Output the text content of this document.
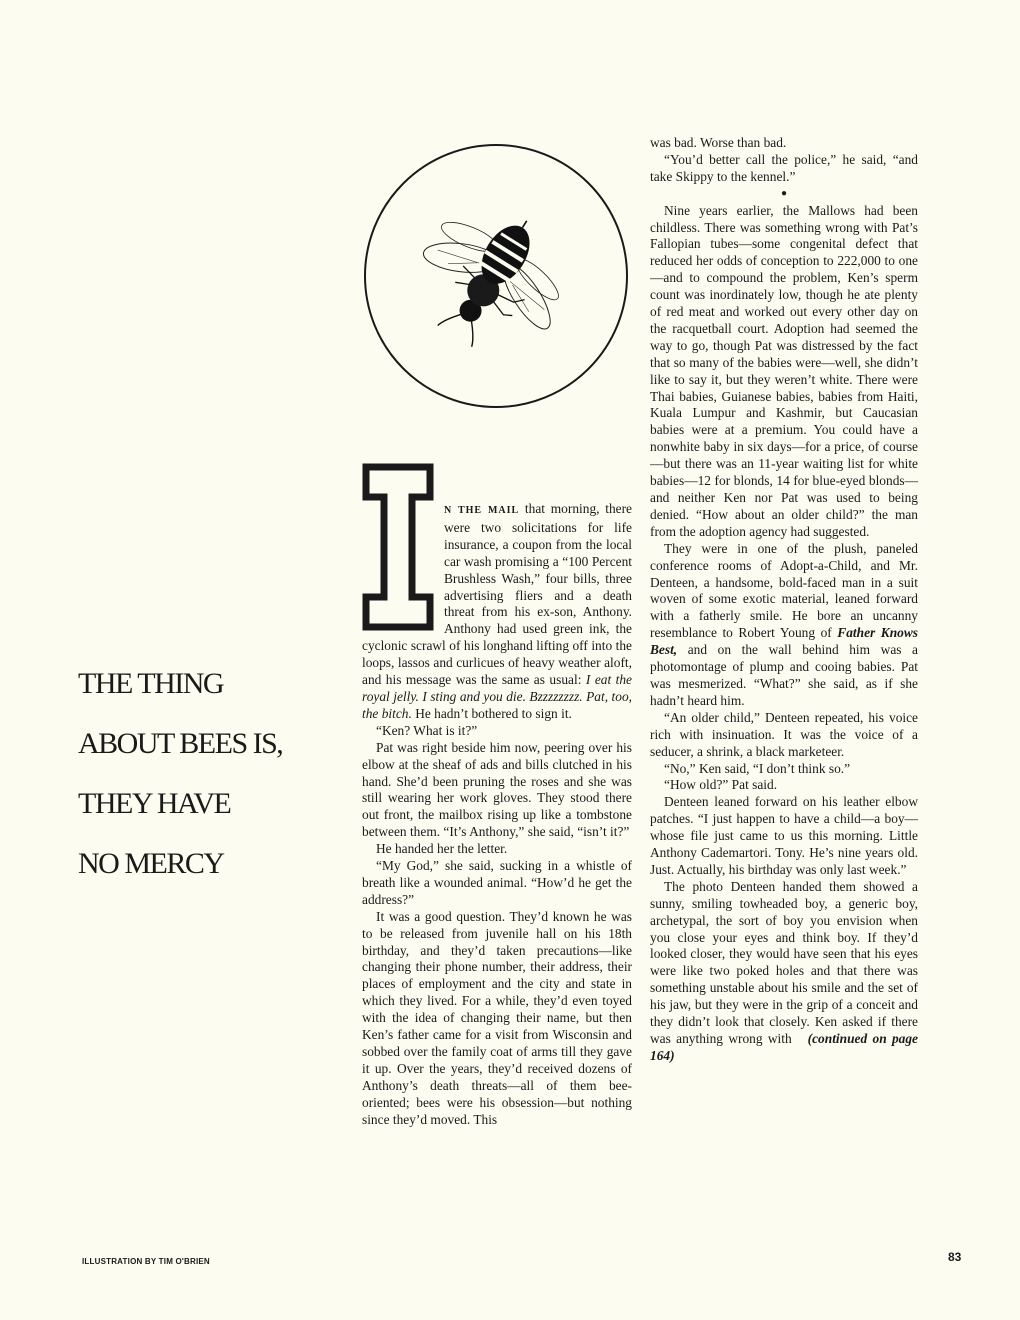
THE THING
ABOUT BEES IS,
THEY HAVE
NO MERCY

N THE MAIL that morning, there were two solicitations for life insurance, a coupon from the local car wash promising a “100 Percent Brushless Wash,” four bills, three advertising fliers and a death threat from his ex-son, Anthony. Anthony had used green ink, the cyclonic scrawl of his longhand lifting off into the loops, lassos and curlicues of heavy weather aloft, and his message was the same as usual: I eat the royal jelly. I sting and you die. Bzzzzzzzz. Pat, too, the bitch. He hadn’t bothered to sign it.

“Ken? What is it?”

Pat was right beside him now, peering over his elbow at the sheaf of ads and bills clutched in his hand. She’d been pruning the roses and she was still wearing her work gloves. They stood there out front, the mailbox rising up like a tombstone between them. “It’s Anthony,” she said, “isn’t it?”

He handed her the letter.

“My God,” she said, sucking in a whistle of breath like a wounded animal. “How’d he get the address?”

It was a good question. They’d known he was to be released from juvenile hall on his 18th birthday, and they’d taken precautions—like changing their phone number, their address, their places of employment and the city and state in which they lived. For a while, they’d even toyed with the idea of changing their name, but then Ken’s father came for a visit from Wisconsin and sobbed over the family coat of arms till they gave it up. Over the years, they’d received dozens of Anthony’s death threats—all of them bee-oriented; bees were his obsession—but nothing since they’d moved. This

was bad. Worse than bad.

“You’d better call the police,” he said, “and take Skippy to the kennel.”

●

Nine years earlier, the Mallows had been childless. There was something wrong with Pat’s Fallopian tubes—some congenital defect that reduced her odds of conception to 222,000 to one—and to compound the problem, Ken’s sperm count was inordinately low, though he ate plenty of red meat and worked out every other day on the racquetball court. Adoption had seemed the way to go, though Pat was distressed by the fact that so many of the babies were—well, she didn’t like to say it, but they weren’t white. There were Thai babies, Guianese babies, babies from Haiti, Kuala Lumpur and Kashmir, but Caucasian babies were at a premium. You could have a nonwhite baby in six days—for a price, of course—but there was an 11-year waiting list for white babies—12 for blonds, 14 for blue-eyed blonds—and neither Ken nor Pat was used to being denied. “How about an older child?” the man from the adoption agency had suggested.

They were in one of the plush, paneled conference rooms of Adopt-a-Child, and Mr. Denteen, a handsome, bold-faced man in a suit woven of some exotic material, leaned forward with a fatherly smile. He bore an uncanny resemblance to Robert Young of Father Knows Best, and on the wall behind him was a photomontage of plump and cooing babies. Pat was mesmerized. “What?” she said, as if she hadn’t heard him.

“An older child,” Denteen repeated, his voice rich with insinuation. It was the voice of a seducer, a shrink, a black marketeer.

“No,” Ken said, “I don’t think so.”

“How old?” Pat said.

Denteen leaned forward on his leather elbow patches. “I just happen to have a child—a boy—whose file just came to us this morning. Little Anthony Cademartori. Tony. He’s nine years old. Just. Actually, his birthday was only last week.”

The photo Denteen handed them showed a sunny, smiling towheaded boy, a generic boy, archetypal, the sort of boy you envision when you close your eyes and think boy. If they’d looked closer, they would have seen that his eyes were like two poked holes and that there was something unstable about his smile and the set of his jaw, but they were in the grip of a conceit and they didn’t look that closely. Ken asked if there was anything wrong with (continued on page 164)

ILLUSTRATION BY TIM O'BRIEN	83
